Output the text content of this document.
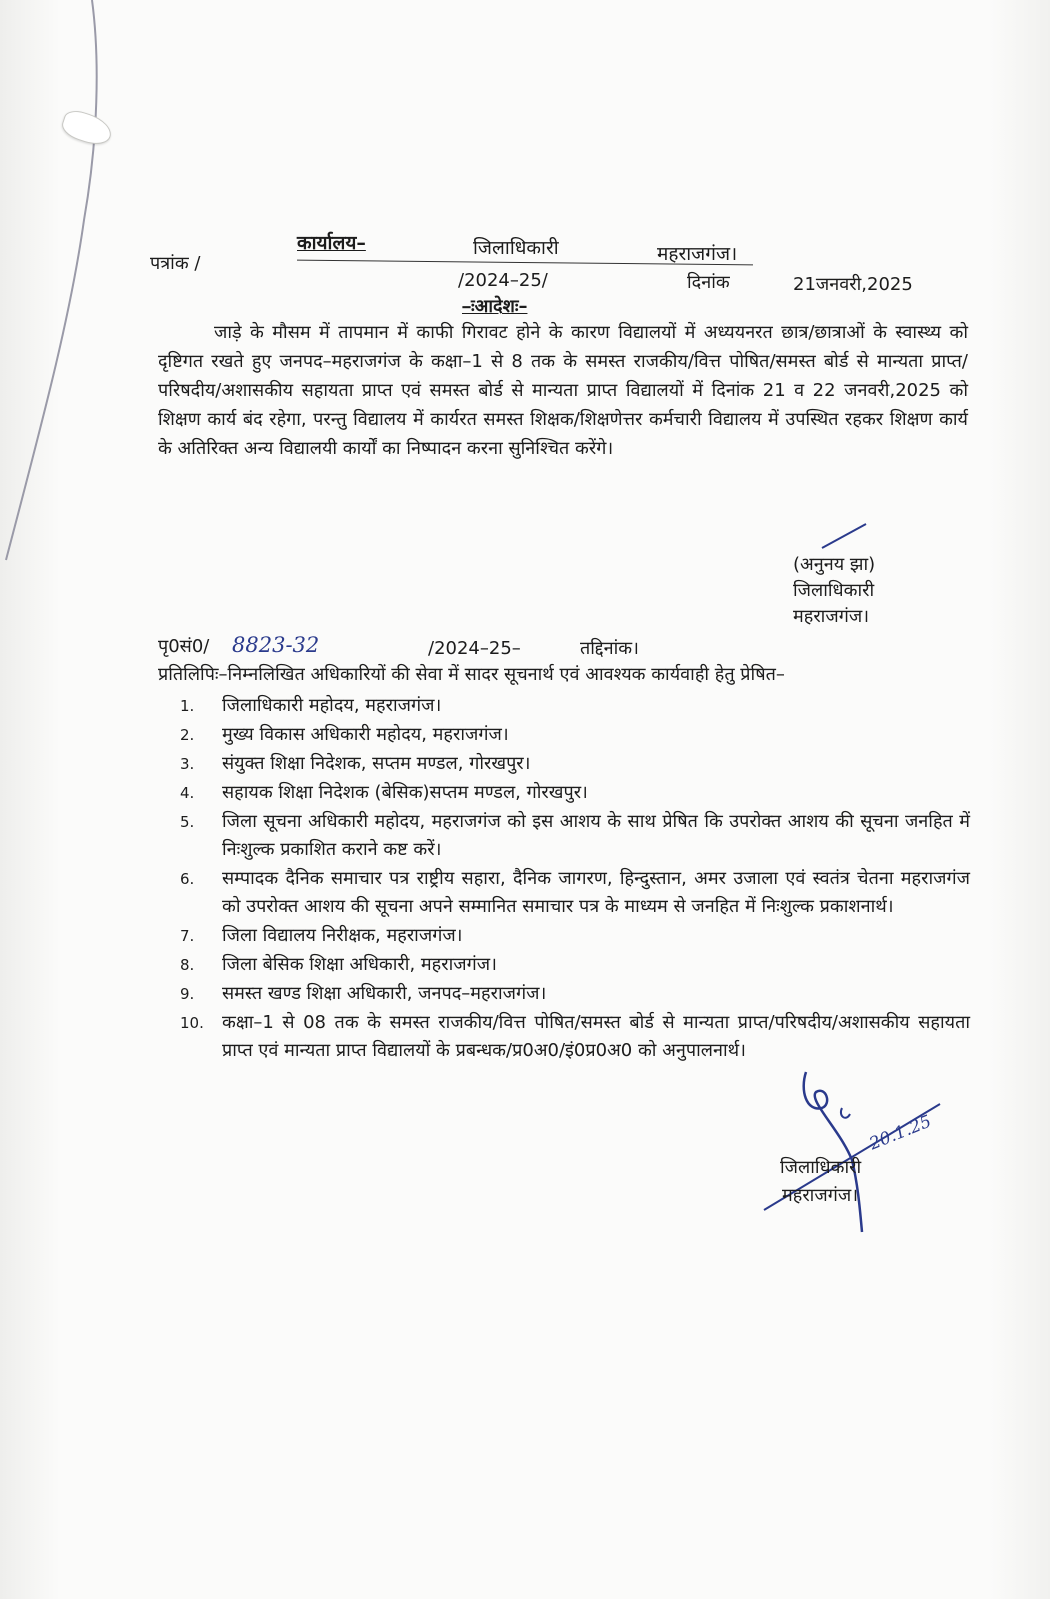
कार्यालय–	जिलाधिकारी	महराजगंज।
पत्रांक /
/2024–25/	दिनांक	21जनवरी,2025
–ःआदेशः–
जाड़े के मौसम में तापमान में काफी गिरावट होने के कारण विद्यालयों में अध्ययनरत छात्र/छात्राओं के स्वास्थ्य को दृष्टिगत रखते हुए जनपद–महराजगंज के कक्षा–1 से 8 तक के समस्त राजकीय/वित्त पोषित/समस्त बोर्ड से मान्यता प्राप्त/परिषदीय/अशासकीय सहायता प्राप्त एवं समस्त बोर्ड से मान्यता प्राप्त विद्यालयों में दिनांक 21 व 22 जनवरी,2025 को शिक्षण कार्य बंद रहेगा, परन्तु विद्यालय में कार्यरत समस्त शिक्षक/शिक्षणेत्तर कर्मचारी विद्यालय में उपस्थित रहकर शिक्षण कार्य के अतिरिक्त अन्य विद्यालयी कार्यों का निष्पादन करना सुनिश्चित करेंगे।
(अनुनय झा)
जिलाधिकारी
महराजगंज।
पृ0सं0/ 8823-32	/2024–25–	तद्दिनांक।
प्रतिलिपिः–निम्नलिखित अधिकारियों की सेवा में सादर सूचनार्थ एवं आवश्यक कार्यवाही हेतु प्रेषित–
1. जिलाधिकारी महोदय, महराजगंज।
2. मुख्य विकास अधिकारी महोदय, महराजगंज।
3. संयुक्त शिक्षा निदेशक, सप्तम मण्डल, गोरखपुर।
4. सहायक शिक्षा निदेशक (बेसिक)सप्तम मण्डल, गोरखपुर।
5. जिला सूचना अधिकारी महोदय, महराजगंज को इस आशय के साथ प्रेषित कि उपरोक्त आशय की सूचना जनहित में निःशुल्क प्रकाशित कराने कष्ट करें।
6. सम्पादक दैनिक समाचार पत्र राष्ट्रीय सहारा, दैनिक जागरण, हिन्दुस्तान, अमर उजाला एवं स्वतंत्र चेतना महराजगंज को उपरोक्त आशय की सूचना अपने सम्मानित समाचार पत्र के माध्यम से जनहित में निःशुल्क प्रकाशनार्थ।
7. जिला विद्यालय निरीक्षक, महराजगंज।
8. जिला बेसिक शिक्षा अधिकारी, महराजगंज।
9. समस्त खण्ड शिक्षा अधिकारी, जनपद–महराजगंज।
10. कक्षा–1 से 08 तक के समस्त राजकीय/वित्त पोषित/समस्त बोर्ड से मान्यता प्राप्त/परिषदीय/अशासकीय सहायता प्राप्त एवं मान्यता प्राप्त विद्यालयों के प्रबन्धक/प्र0अ0/इं0प्र0अ0 को अनुपालनार्थ।
20.1.25
जिलाधिकारी
महराजगंज।
